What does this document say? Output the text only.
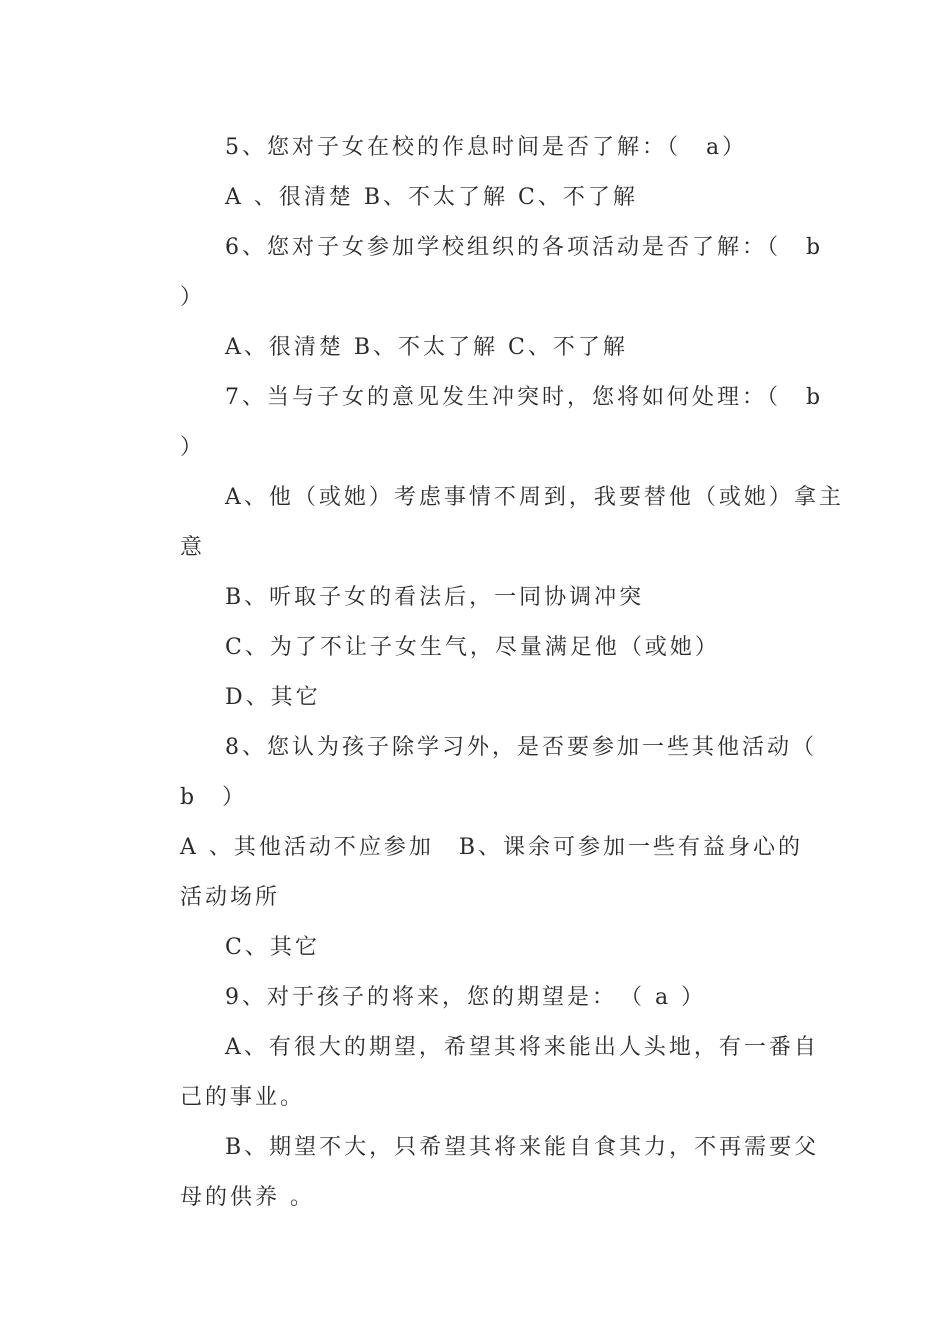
5、您对子女在校的作息时间是否了解：（　a）
A 、很清楚 B、不太了解 C、不了解
6、您对子女参加学校组织的各项活动是否了解：（　b
）
A、很清楚 B、不太了解 C、不了解
7、当与子女的意见发生冲突时，您将如何处理：（　b
）
A、他（或她）考虑事情不周到，我要替他（或她）拿主
意
B、听取子女的看法后，一同协调冲突
C、为了不让子女生气，尽量满足他（或她）
D、其它
8、您认为孩子除学习外，是否要参加一些其他活动（
b　）
A 、其他活动不应参加　B、课余可参加一些有益身心的
活动场所
C、其它
9、对于孩子的将来，您的期望是：　（ a ）
A、有很大的期望，希望其将来能出人头地，有一番自
己的事业。
B、期望不大，只希望其将来能自食其力，不再需要父
母的供养 。
